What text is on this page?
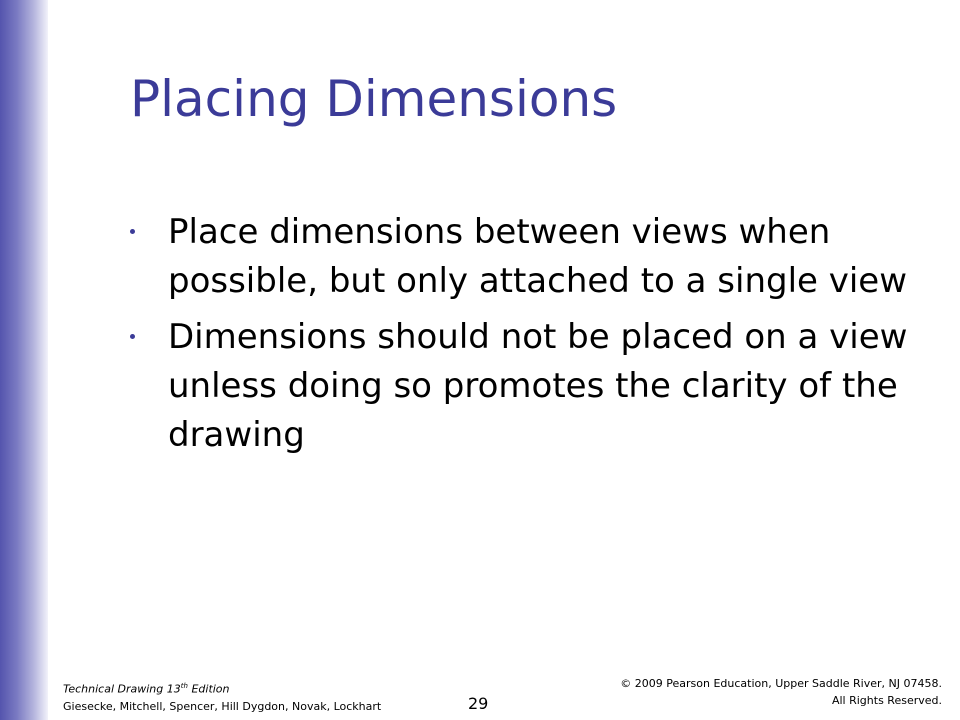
Placing Dimensions
Place dimensions between views when possible, but only attached to a single view
Dimensions should not be placed on a view unless doing so promotes the clarity of the drawing
Technical Drawing 13th Edition
Giesecke, Mitchell, Spencer, Hill Dygdon, Novak, Lockhart	29
© 2009 Pearson Education, Upper Saddle River, NJ 07458.
All Rights Reserved.
